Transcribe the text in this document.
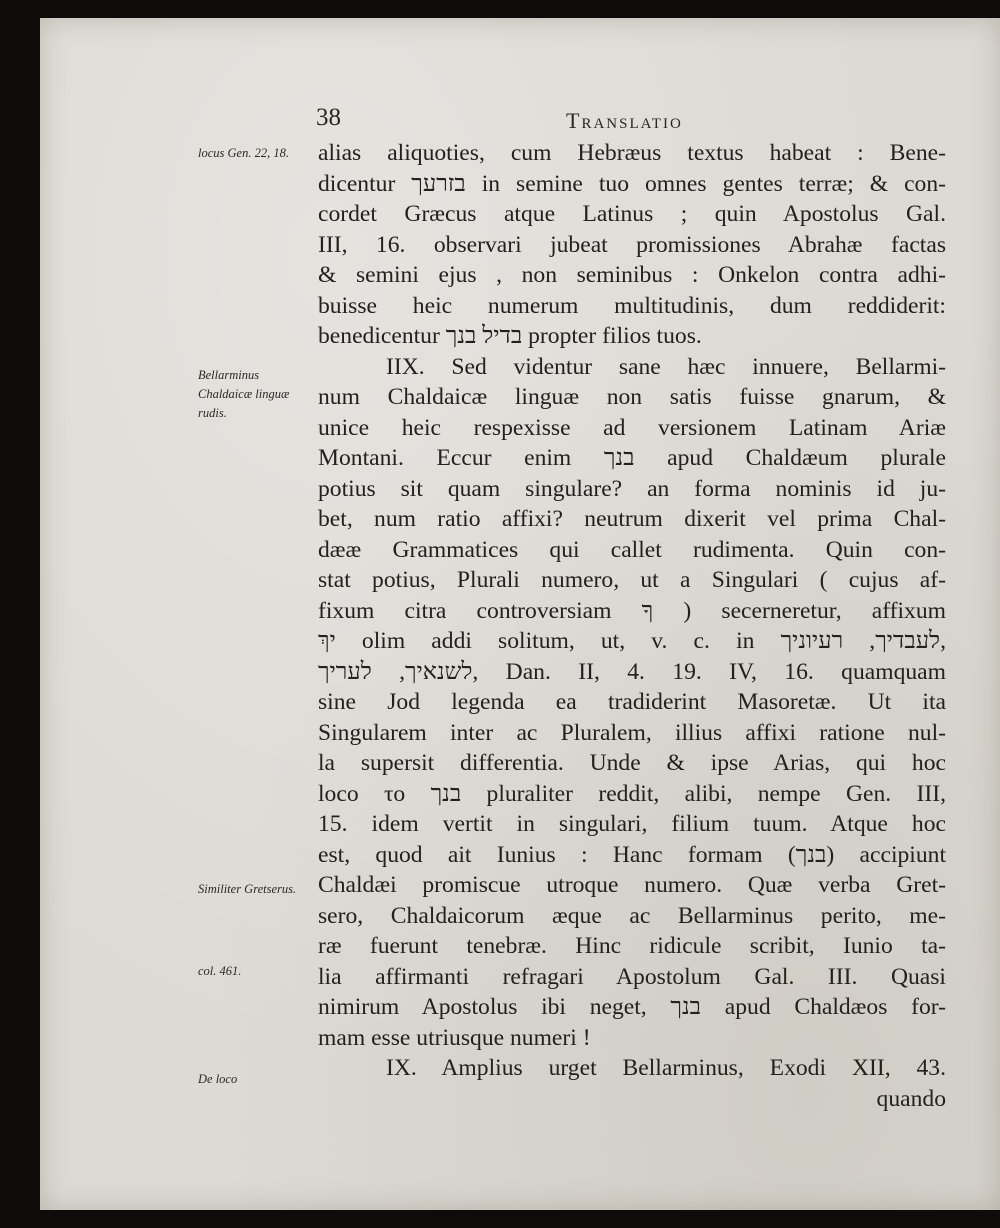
38	Translatio
locus Gen. 22, 18.
Bellarminus Chaldaicæ linguæ rudis.
Similiter Gretserus.
col. 461.
De loco
alias aliquoties, cum Hebræus textus habeat : Bene-
dicentur בזרעך in semine tuo omnes gentes terræ; & con-
cordet Græcus atque Latinus ; quin Apostolus Gal.
III, 16. observari jubeat promissiones Abrahæ factas
& semini ejus , non seminibus : Onkelon contra adhi-
buisse heic numerum multitudinis, dum reddiderit:
benedicentur בדיל בנך propter filios tuos.
IIX. Sed videntur sane hæc innuere, Bellarmi-
num Chaldaicæ linguæ non satis fuisse gnarum, &
unice heic respexisse ad versionem Latinam Ariæ
Montani. Eccur enim בנך apud Chaldæum plurale
potius sit quam singulare? an forma nominis id ju-
bet, num ratio affixi? neutrum dixerit vel prima Chal-
dææ Grammatices qui callet rudimenta. Quin con-
stat potius, Plurali numero, ut a Singulari ( cujus af-
fixum citra controversiam ךָ ) secerneretur, affixum
יךְ olim addi solitum, ut, v. c. in לעבדיך, רעיוניך,
לשנאיך, לעריך, Dan. II, 4. 19. IV, 16. quamquam
sine Jod legenda ea tradiderint Masoretæ. Ut ita
Singularem inter ac Pluralem, illius affixi ratione nul-
la supersit differentia. Unde & ipse Arias, qui hoc
loco το בנך pluraliter reddit, alibi, nempe Gen. III,
15. idem vertit in singulari, filium tuum. Atque hoc
est, quod ait Iunius : Hanc formam (בנך) accipiunt
Chaldæi promiscue utroque numero. Quæ verba Gret-
sero, Chaldaicorum æque ac Bellarminus perito, me-
ræ fuerunt tenebræ. Hinc ridicule scribit, Iunio ta-
lia affirmanti refragari Apostolum Gal. III. Quasi
nimirum Apostolus ibi neget, בנך apud Chaldæos for-
mam esse utriusque numeri !
IX. Amplius urget Bellarminus, Exodi XII, 43.
quando
